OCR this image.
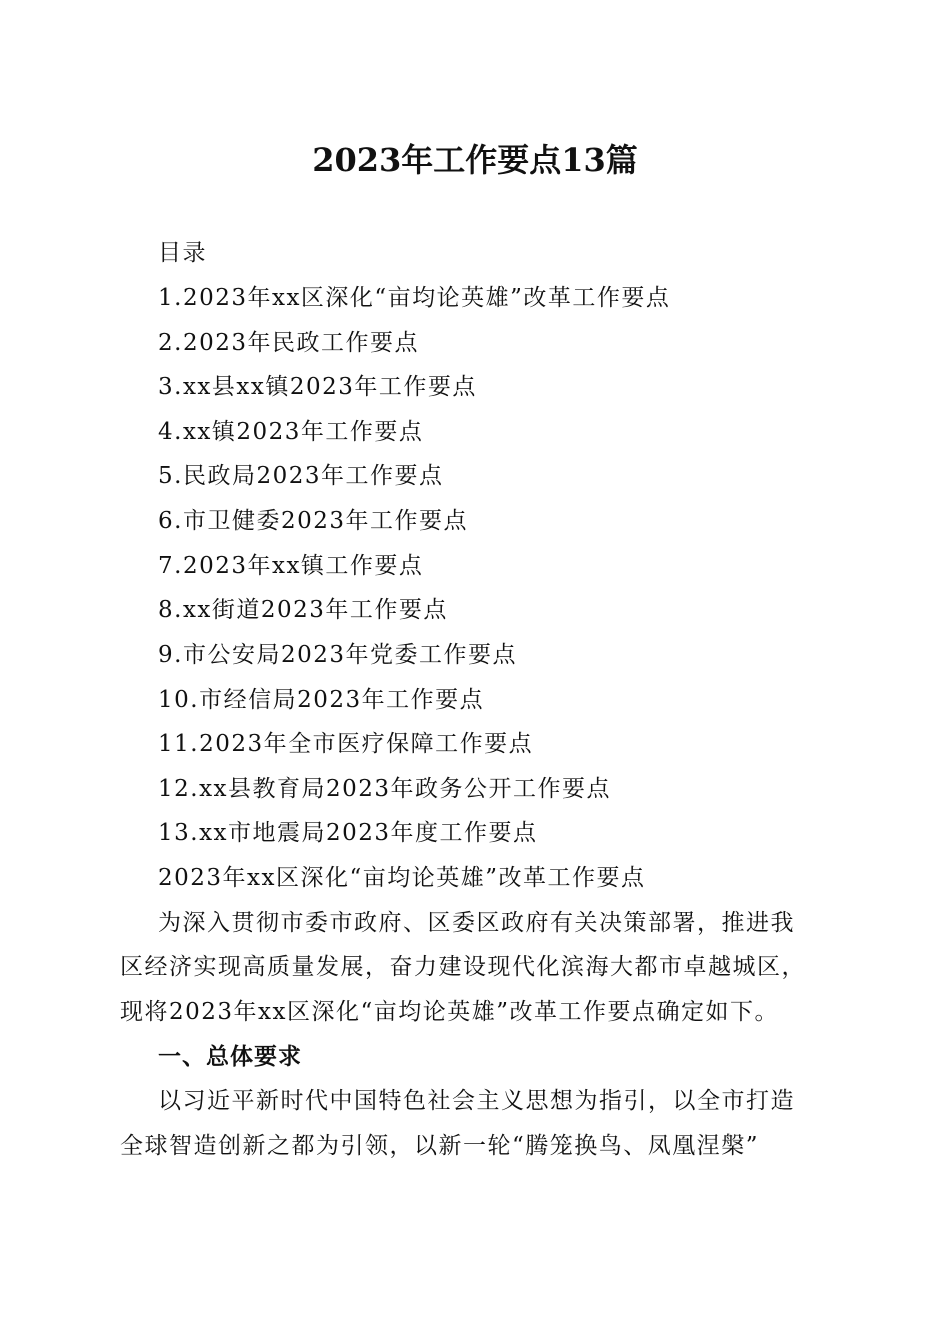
2023年工作要点13篇
目录
1.2023年xx区深化“亩均论英雄”改革工作要点
2.2023年民政工作要点
3.xx县xx镇2023年工作要点
4.xx镇2023年工作要点
5.民政局2023年工作要点
6.市卫健委2023年工作要点
7.2023年xx镇工作要点
8.xx街道2023年工作要点
9.市公安局2023年党委工作要点
10.市经信局2023年工作要点
11.2023年全市医疗保障工作要点
12.xx县教育局2023年政务公开工作要点
13.xx市地震局2023年度工作要点
2023年xx区深化“亩均论英雄”改革工作要点
为深入贯彻市委市政府、区委区政府有关决策部署，推进我
区经济实现高质量发展，奋力建设现代化滨海大都市卓越城区，
现将2023年xx区深化“亩均论英雄”改革工作要点确定如下。
一、总体要求
以习近平新时代中国特色社会主义思想为指引，以全市打造
全球智造创新之都为引领，以新一轮“腾笼换鸟、凤凰涅槃”
